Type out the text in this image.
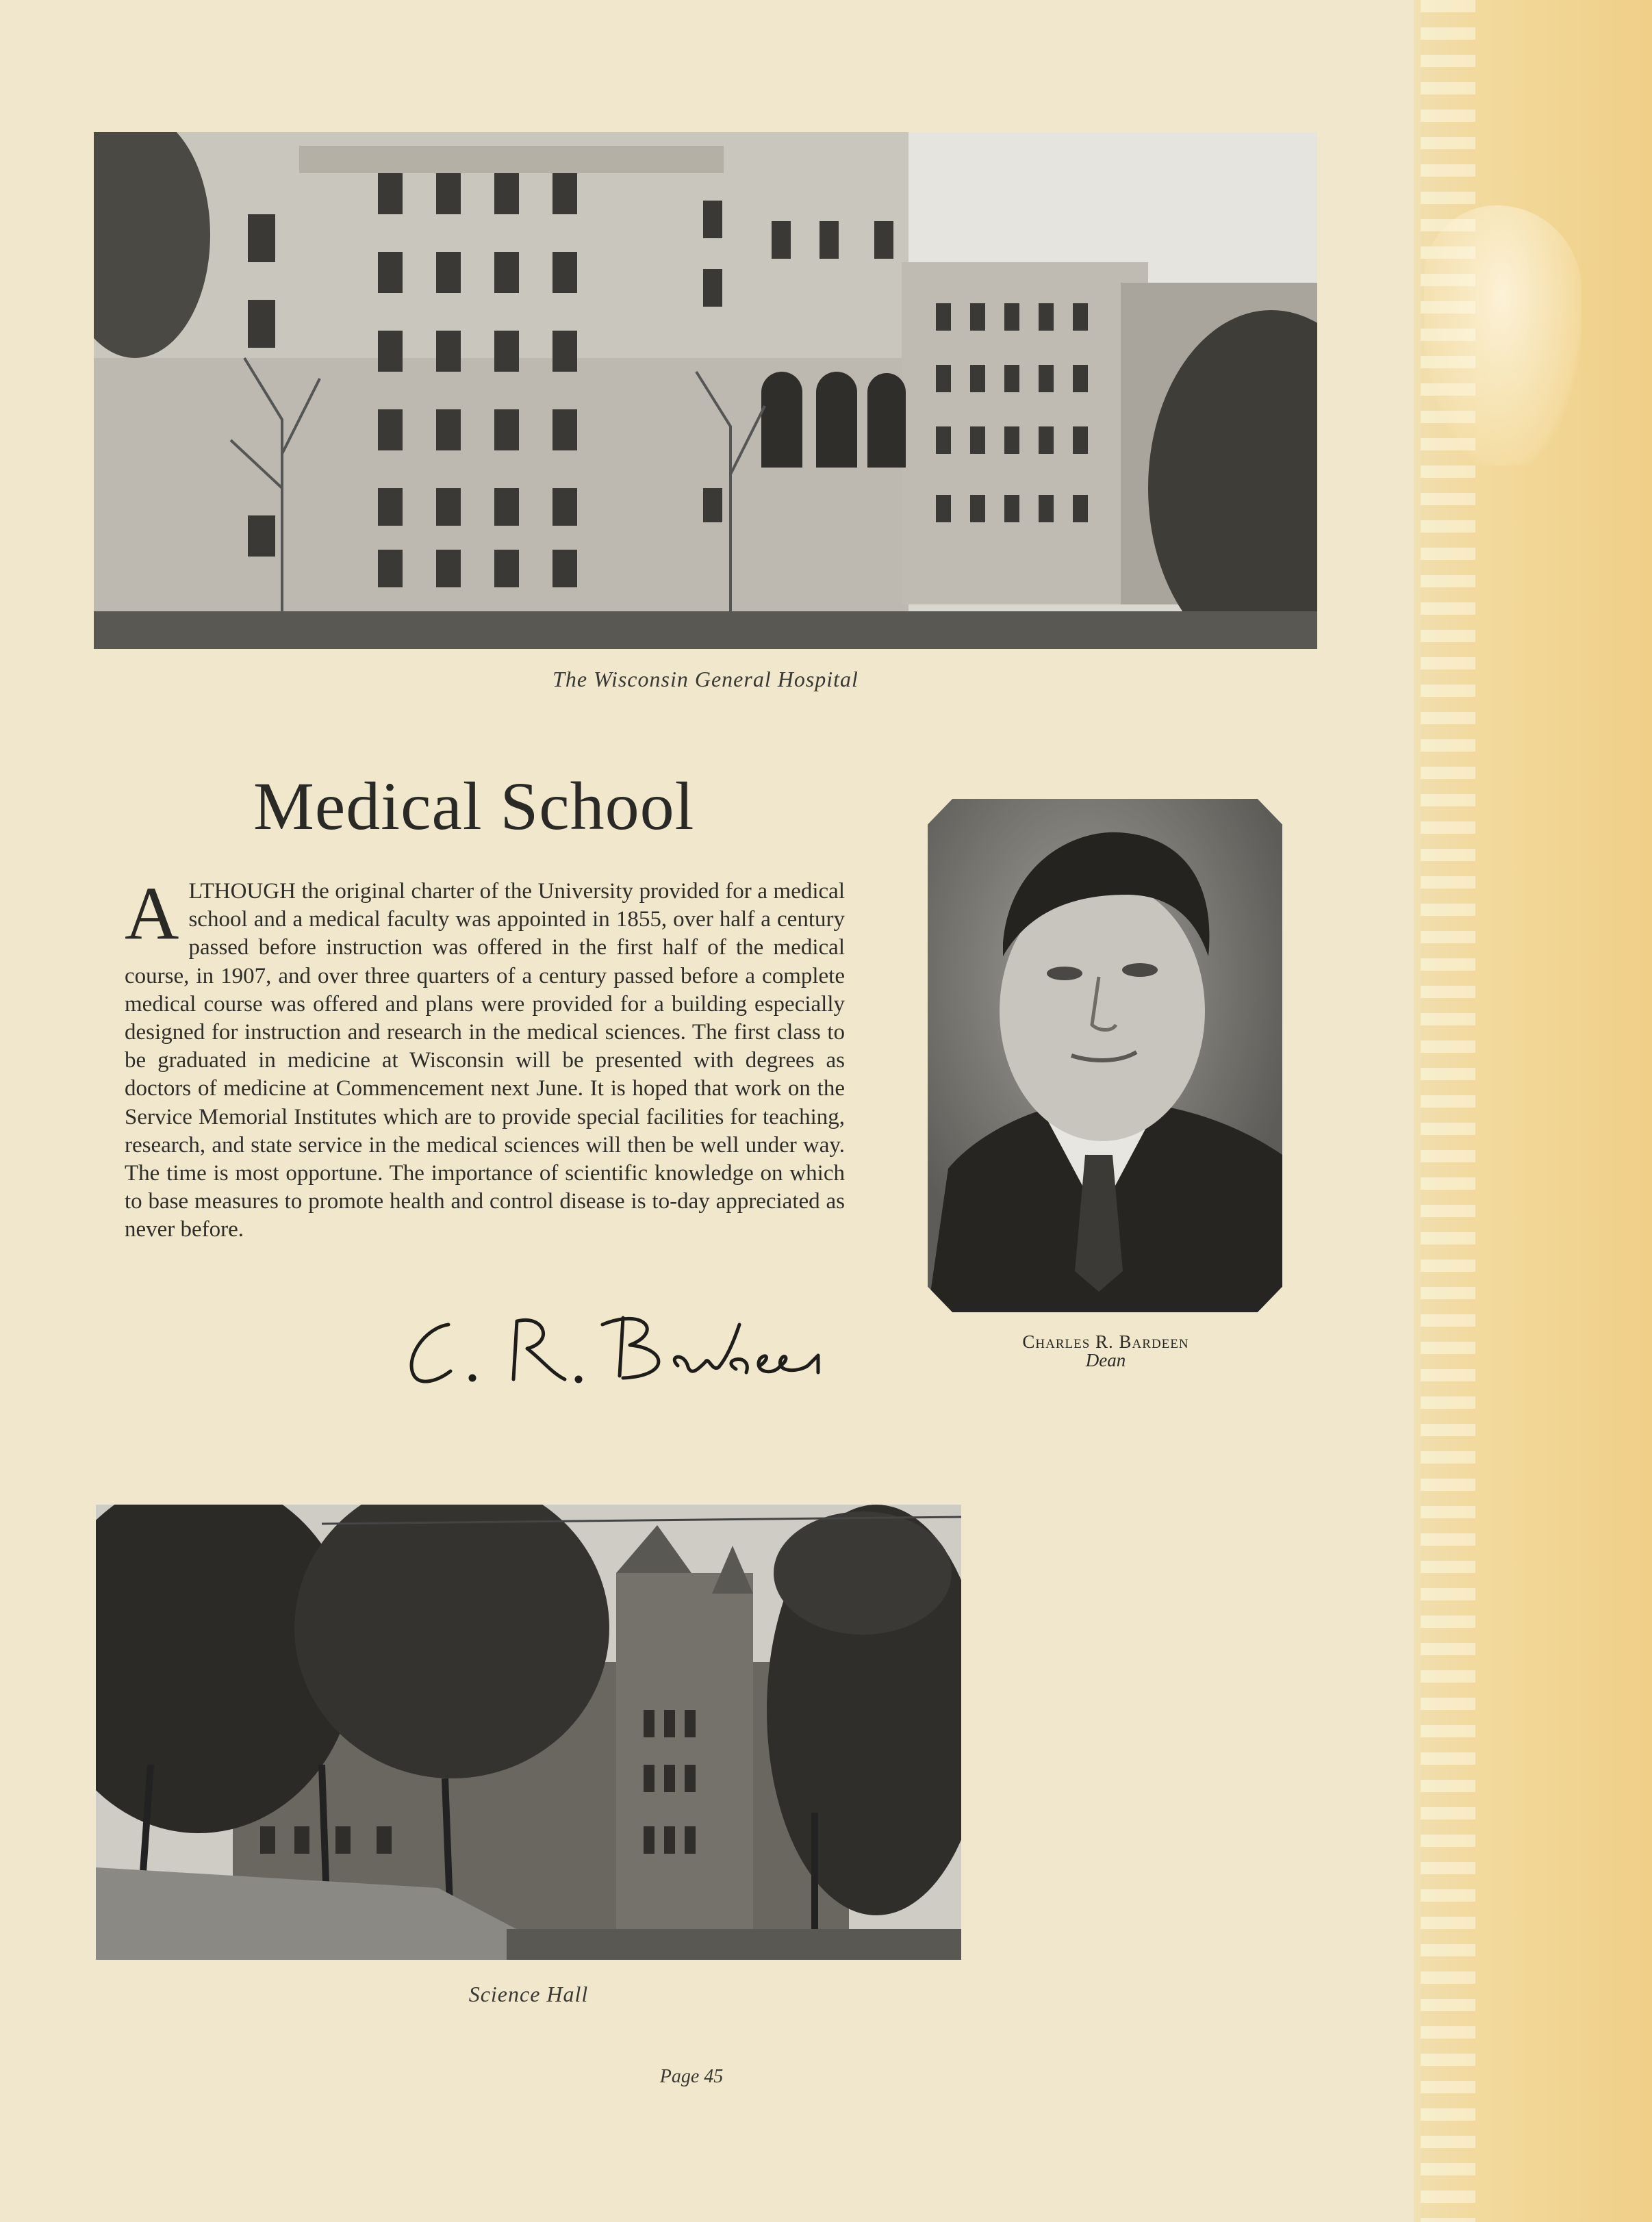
The Wisconsin General Hospital
Medical School
A LTHOUGH the original charter of the University provided for a medical school and a medical faculty was appointed in 1855, over half a century passed before instruction was offered in the first half of the medical course, in 1907, and over three quarters of a century passed before a complete medical course was offered and plans were provided for a building especially designed for instruction and research in the medical sciences. The first class to be graduated in medicine at Wisconsin will be presented with degrees as doctors of medicine at Commencement next June. It is hoped that work on the Service Memorial Institutes which are to provide special facilities for teaching, research, and state service in the medical sciences will then be well under way. The time is most opportune. The importance of scientific knowledge on which to base measures to promote health and control disease is to-day appreciated as never before.
Charles R. Bardeen
Dean
Science Hall
Page 45
